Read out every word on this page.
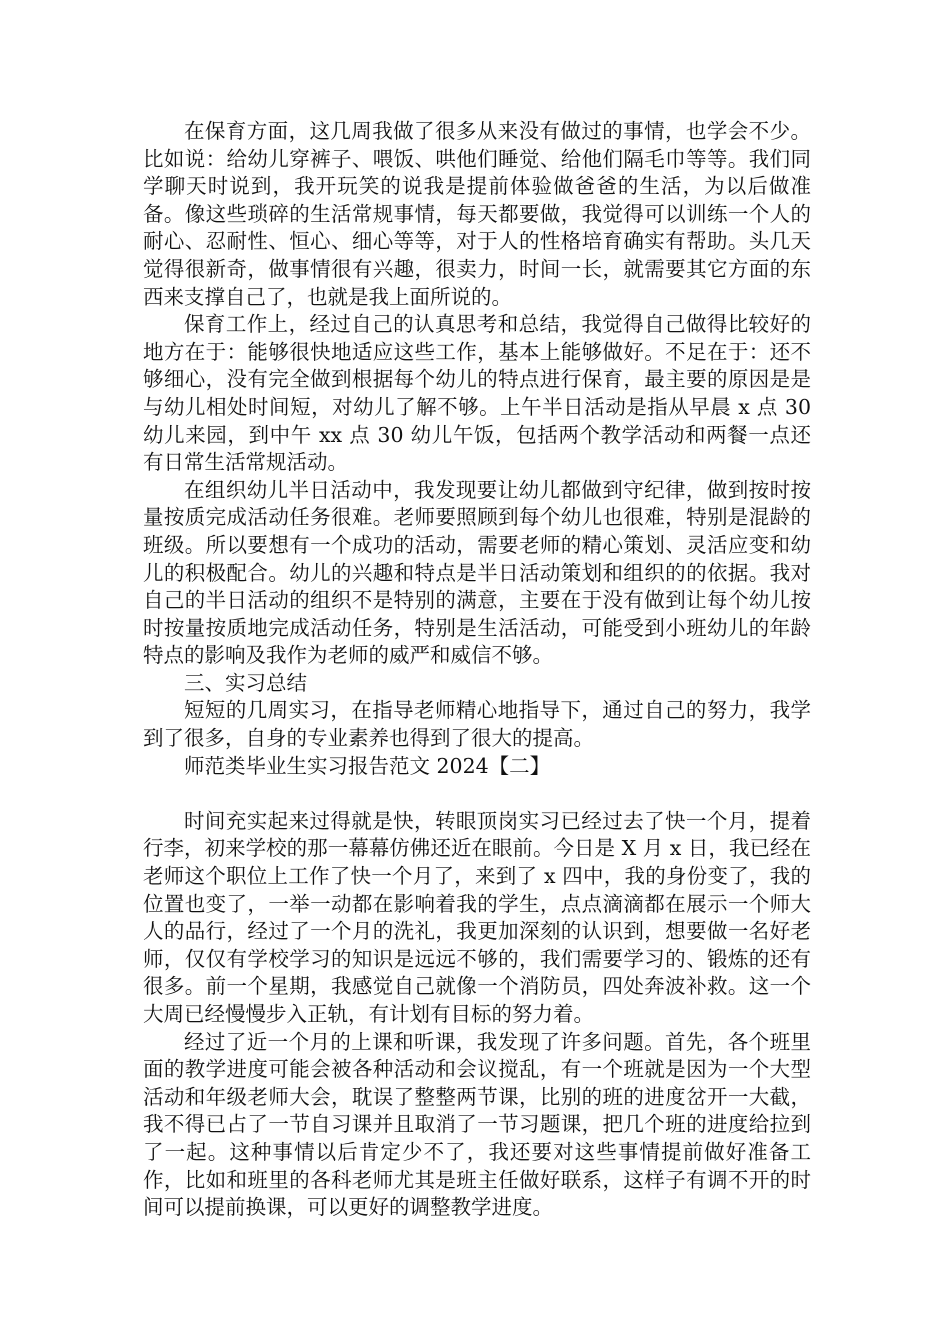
在保育方面，这几周我做了很多从来没有做过的事情，也学会不少。比如说：给幼儿穿裤子、喂饭、哄他们睡觉、给他们隔毛巾等等。我们同学聊天时说到，我开玩笑的说我是提前体验做爸爸的生活，为以后做准备。像这些琐碎的生活常规事情，每天都要做，我觉得可以训练一个人的耐心、忍耐性、恒心、细心等等，对于人的性格培育确实有帮助。头几天觉得很新奇，做事情很有兴趣，很卖力，时间一长，就需要其它方面的东西来支撑自己了，也就是我上面所说的。

保育工作上，经过自己的认真思考和总结，我觉得自己做得比较好的地方在于：能够很快地适应这些工作，基本上能够做好。不足在于：还不够细心，没有完全做到根据每个幼儿的特点进行保育，最主要的原因是是与幼儿相处时间短，对幼儿了解不够。上午半日活动是指从早晨 x 点 30 幼儿来园，到中午 xx 点 30 幼儿午饭，包括两个教学活动和两餐一点还有日常生活常规活动。

在组织幼儿半日活动中，我发现要让幼儿都做到守纪律，做到按时按量按质完成活动任务很难。老师要照顾到每个幼儿也很难，特别是混龄的班级。所以要想有一个成功的活动，需要老师的精心策划、灵活应变和幼儿的积极配合。幼儿的兴趣和特点是半日活动策划和组织的的依据。我对自己的半日活动的组织不是特别的满意，主要在于没有做到让每个幼儿按时按量按质地完成活动任务，特别是生活活动，可能受到小班幼儿的年龄特点的影响及我作为老师的威严和威信不够。

三、实习总结

短短的几周实习，在指导老师精心地指导下，通过自己的努力，我学到了很多，自身的专业素养也得到了很大的提高。

师范类毕业生实习报告范文 2024【二】

时间充实起来过得就是快，转眼顶岗实习已经过去了快一个月，提着行李，初来学校的那一幕幕仿佛还近在眼前。今日是 X 月 x 日，我已经在老师这个职位上工作了快一个月了，来到了 x 四中，我的身份变了，我的位置也变了，一举一动都在影响着我的学生，点点滴滴都在展示一个师大人的品行，经过了一个月的洗礼，我更加深刻的认识到，想要做一名好老师，仅仅有学校学习的知识是远远不够的，我们需要学习的、锻炼的还有很多。前一个星期，我感觉自己就像一个消防员，四处奔波补救。这一个大周已经慢慢步入正轨，有计划有目标的努力着。

经过了近一个月的上课和听课，我发现了许多问题。首先，各个班里面的教学进度可能会被各种活动和会议搅乱，有一个班就是因为一个大型活动和年级老师大会，耽误了整整两节课，比别的班的进度岔开一大截，我不得已占了一节自习课并且取消了一节习题课，把几个班的进度给拉到了一起。这种事情以后肯定少不了，我还要对这些事情提前做好准备工作，比如和班里的各科老师尤其是班主任做好联系，这样子有调不开的时间可以提前换课，可以更好的调整教学进度。
